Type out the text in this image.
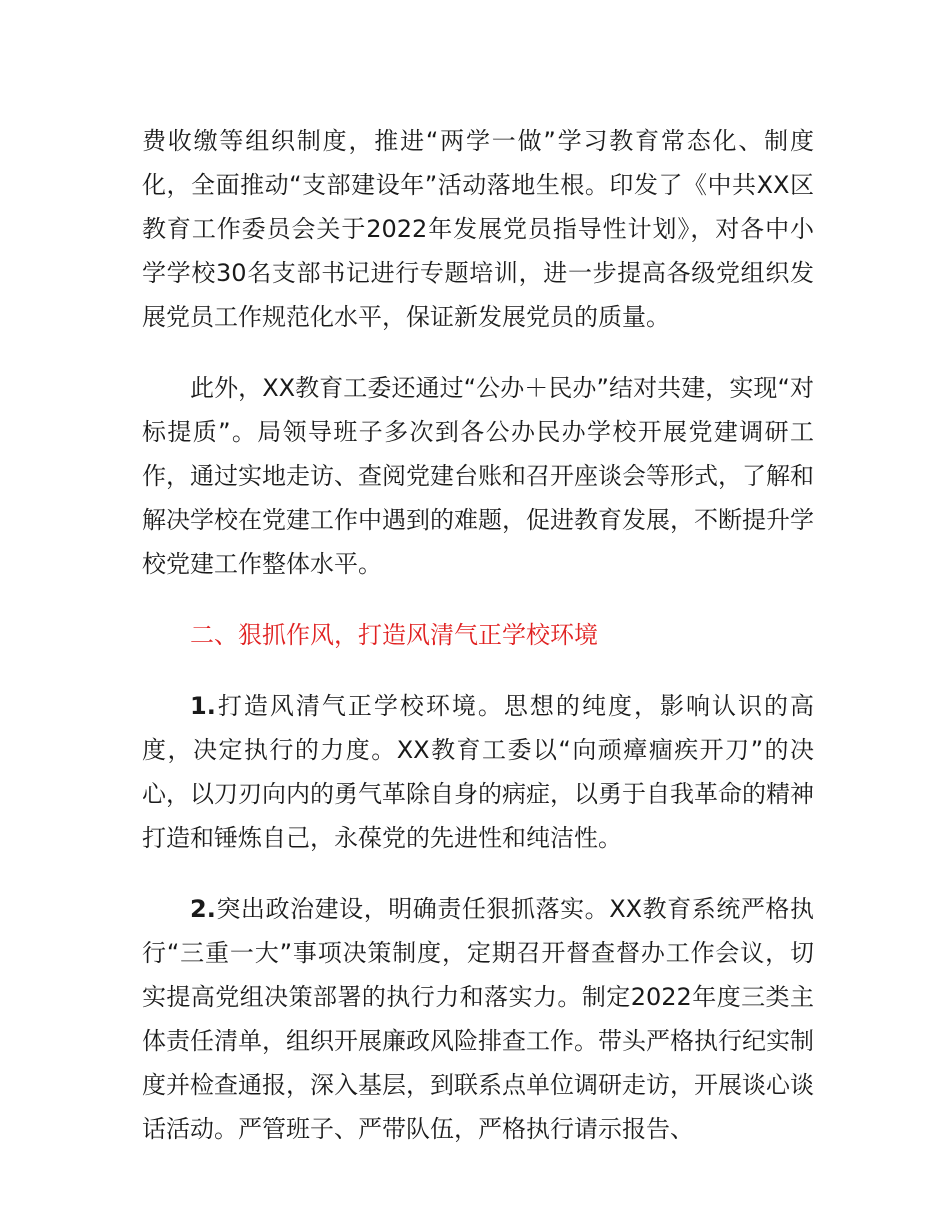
费收缴等组织制度，推进“两学一做”学习教育常态化、制度化，全面推动“支部建设年”活动落地生根。印发了《中共XX区教育工作委员会关于2022年发展党员指导性计划》，对各中小学学校30名支部书记进行专题培训，进一步提高各级党组织发展党员工作规范化水平，保证新发展党员的质量。

此外，XX教育工委还通过“公办＋民办”结对共建，实现“对标提质”。局领导班子多次到各公办民办学校开展党建调研工作，通过实地走访、查阅党建台账和召开座谈会等形式，了解和解决学校在党建工作中遇到的难题，促进教育发展，不断提升学校党建工作整体水平。

二、狠抓作风，打造风清气正学校环境

1.打造风清气正学校环境。思想的纯度，影响认识的高度，决定执行的力度。XX教育工委以“向顽瘴痼疾开刀”的决心，以刀刃向内的勇气革除自身的病症，以勇于自我革命的精神打造和锤炼自己，永葆党的先进性和纯洁性。

2.突出政治建设，明确责任狠抓落实。XX教育系统严格执行“三重一大”事项决策制度，定期召开督查督办工作会议，切实提高党组决策部署的执行力和落实力。制定2022年度三类主体责任清单，组织开展廉政风险排查工作。带头严格执行纪实制度并检查通报，深入基层，到联系点单位调研走访，开展谈心谈话活动。严管班子、严带队伍，严格执行请示报告、
